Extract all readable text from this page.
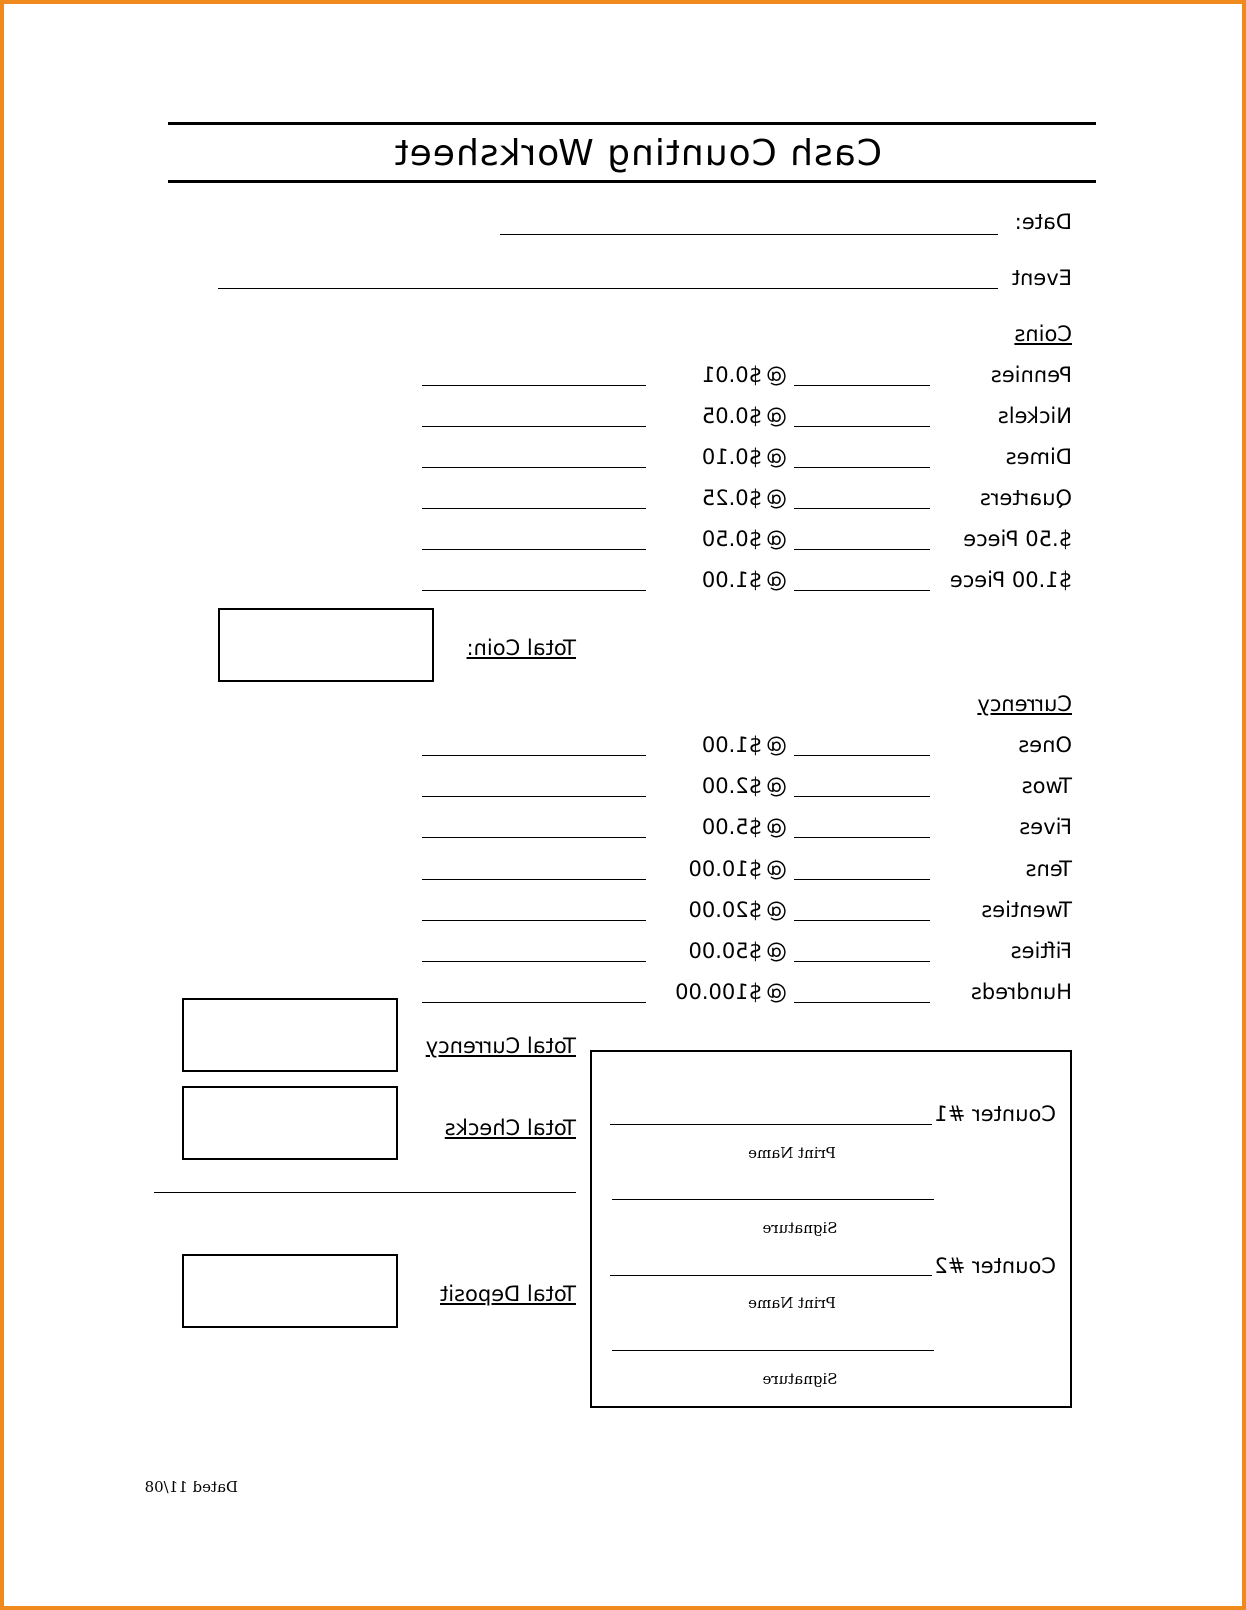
Cash Counting Worksheet
Date:
Event
Coins
Pennies
@
$0.01
Nickels
@
$0.05
Dimes
@
$0.10
Quarters
@
$0.25
$.50 Piece
@
$0.50
$1.00 Piece
@
$1.00
Total Coin:
Currency
Ones
@
$1.00
Twos
@
$2.00
Fives
@
$5.00
Tens
@
$10.00
Twenties
@
$20.00
Fifties
@
$50.00
Hundreds
@
$100.00
Total Currency
Total Checks
Total Deposit
Counter #1
Print Name
Signature
Counter #2
Print Name
Signature
Dated 11/08
